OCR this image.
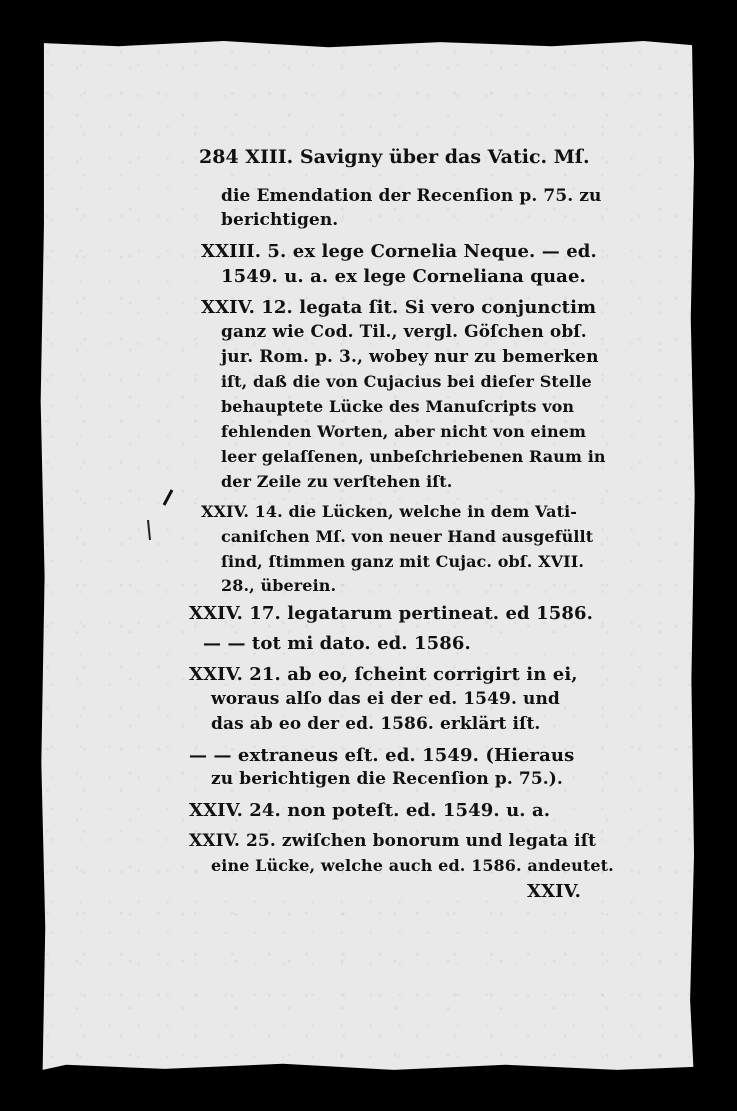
284 XIII. Savigny über das Vatic. Mſ.
die Emendation der Recenſion p. 75. zu
berichtigen.
XXIII. 5. ex lege Cornelia Neque. — ed.
1549. u. a. ex lege Corneliana quae.
XXIV. 12. legata ſit. Si vero conjunctim
ganz wie Cod. Til., vergl. Göſchen obſ.
jur. Rom. p. 3., wobey nur zu bemerken
iſt, daß die von Cujacius bei dieſer Stelle
behauptete Lücke des Manuſcripts von
fehlenden Worten, aber nicht von einem
leer gelaſſenen, unbeſchriebenen Raum in
der Zeile zu verſtehen iſt.
XXIV. 14. die Lücken, welche in dem Vati-
caniſchen Mſ. von neuer Hand ausgefüllt
ſind, ſtimmen ganz mit Cujac. obſ. XVII.
28., überein.
XXIV. 17. legatarum pertineat. ed 1586.
— — tot mi dato. ed. 1586.
XXIV. 21. ab eo, ſcheint corrigirt in ei,
woraus alſo das ei der ed. 1549. und
das ab eo der ed. 1586. erklärt iſt.
— — extraneus eſt. ed. 1549. (Hieraus
zu berichtigen die Recenſion p. 75.).
XXIV. 24. non poteſt. ed. 1549. u. a.
XXIV. 25. zwiſchen bonorum und legata iſt
eine Lücke, welche auch ed. 1586. andeutet.
XXIV.
